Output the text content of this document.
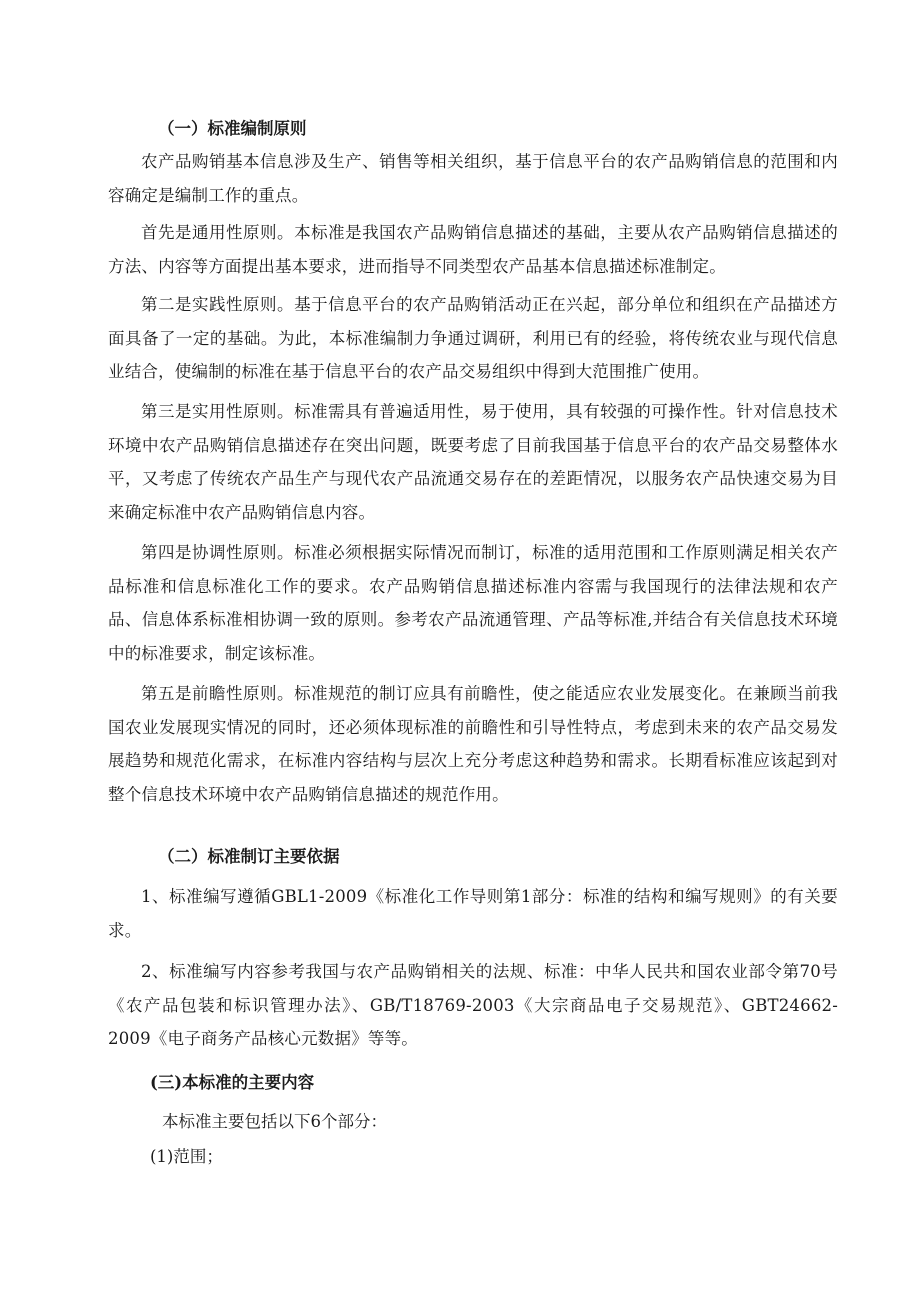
（一）标准编制原则

农产品购销基本信息涉及生产、销售等相关组织，基于信息平台的农产品购销信息的范围和内容确定是编制工作的重点。

首先是通用性原则。本标准是我国农产品购销信息描述的基础，主要从农产品购销信息描述的方法、内容等方面提出基本要求，进而指导不同类型农产品基本信息描述标准制定。

第二是实践性原则。基于信息平台的农产品购销活动正在兴起，部分单位和组织在产品描述方面具备了一定的基础。为此，本标准编制力争通过调研，利用已有的经验，将传统农业与现代信息业结合，使编制的标准在基于信息平台的农产品交易组织中得到大范围推广使用。

第三是实用性原则。标准需具有普遍适用性，易于使用，具有较强的可操作性。针对信息技术环境中农产品购销信息描述存在突出问题，既要考虑了目前我国基于信息平台的农产品交易整体水平，又考虑了传统农产品生产与现代农产品流通交易存在的差距情况，以服务农产品快速交易为目来确定标准中农产品购销信息内容。

第四是协调性原则。标准必须根据实际情况而制订，标准的适用范围和工作原则满足相关农产品标准和信息标准化工作的要求。农产品购销信息描述标准内容需与我国现行的法律法规和农产品、信息体系标准相协调一致的原则。参考农产品流通管理、产品等标准,并结合有关信息技术环境中的标准要求，制定该标准。

第五是前瞻性原则。标准规范的制订应具有前瞻性，使之能适应农业发展变化。在兼顾当前我国农业发展现实情况的同时，还必须体现标准的前瞻性和引导性特点，考虑到未来的农产品交易发展趋势和规范化需求，在标准内容结构与层次上充分考虑这种趋势和需求。长期看标准应该起到对整个信息技术环境中农产品购销信息描述的规范作用。

（二）标准制订主要依据

1、标准编写遵循GBL1-2009《标准化工作导则第1部分：标准的结构和编写规则》的有关要求。

2、标准编写内容参考我国与农产品购销相关的法规、标准：中华人民共和国农业部令第70号《农产品包装和标识管理办法》、GB/T18769-2003《大宗商品电子交易规范》、GBT24662-2009《电子商务产品核心元数据》等等。

(三)本标准的主要内容

本标准主要包括以下6个部分：

(1)范围；
